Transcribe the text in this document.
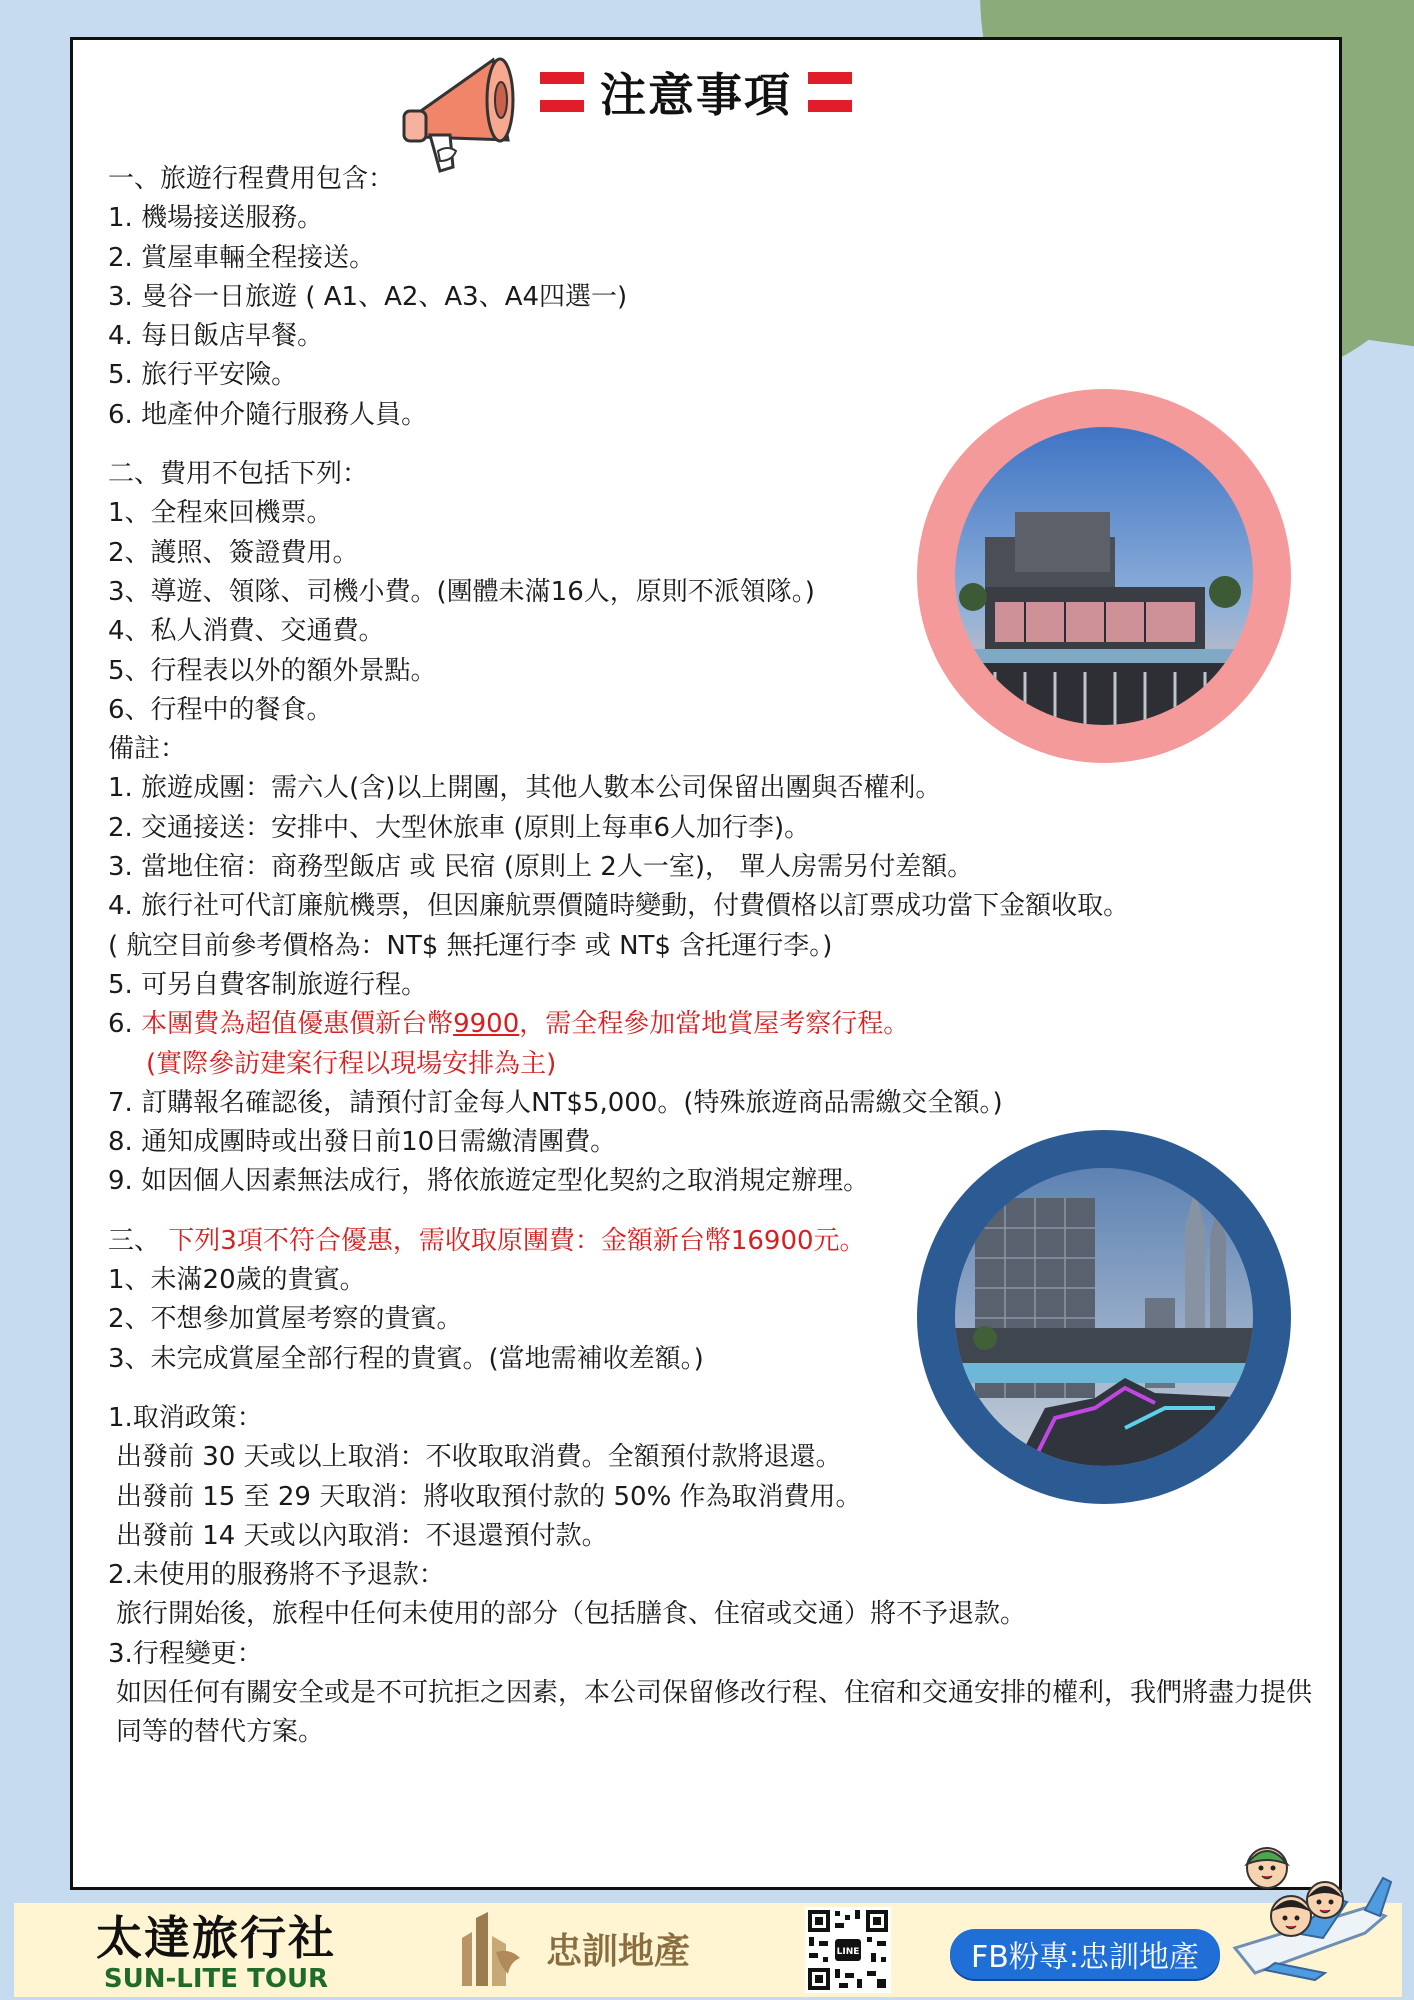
注意事項
一、旅遊行程費用包含：
1. 機場接送服務。
2. 賞屋車輛全程接送。
3. 曼谷一日旅遊 ( A1、A2、A3、A4四選一)
4. 每日飯店早餐。
5. 旅行平安險。
6. 地產仲介隨行服務人員。
二、費用不包括下列：
1、全程來回機票。
2、護照、簽證費用。
3、導遊、領隊、司機小費。(團體未滿16人，原則不派領隊。)
4、私人消費、交通費。
5、行程表以外的額外景點。
6、行程中的餐食。
備註：
1. 旅遊成團：需六人(含)以上開團，其他人數本公司保留出團與否權利。
2. 交通接送：安排中、大型休旅車 (原則上每車6人加行李)。
3. 當地住宿：商務型飯店 或 民宿 (原則上 2人一室)， 單人房需另付差額。
4. 旅行社可代訂廉航機票，但因廉航票價隨時變動，付費價格以訂票成功當下金額收取。
( 航空目前參考價格為：NT$ 無托運行李 或 NT$ 含托運行李。)
5. 可另自費客制旅遊行程。
6. 本團費為超值優惠價新台幣9900，需全程參加當地賞屋考察行程。
(實際參訪建案行程以現場安排為主)
7. 訂購報名確認後，請預付訂金每人NT$5,000。(特殊旅遊商品需繳交全額。)
8. 通知成團時或出發日前10日需繳清團費。
9. 如因個人因素無法成行，將依旅遊定型化契約之取消規定辦理。
三、 下列3項不符合優惠，需收取原團費：金額新台幣16900元。
1、未滿20歲的貴賓。
2、不想參加賞屋考察的貴賓。
3、未完成賞屋全部行程的貴賓。(當地需補收差額。)
1.取消政策：
出發前 30 天或以上取消：不收取取消費。全額預付款將退還。
出發前 15 至 29 天取消：將收取預付款的 50% 作為取消費用。
出發前 14 天或以內取消：不退還預付款。
2.未使用的服務將不予退款：
旅行開始後，旅程中任何未使用的部分（包括膳食、住宿或交通）將不予退款。
3.行程變更：
如因任何有關安全或是不可抗拒之因素，本公司保留修改行程、住宿和交通安排的權利，我們將盡力提供同等的替代方案。
太達旅行社
SUN-LITE TOUR
忠訓地產	LINE	FB粉專:忠訓地產
